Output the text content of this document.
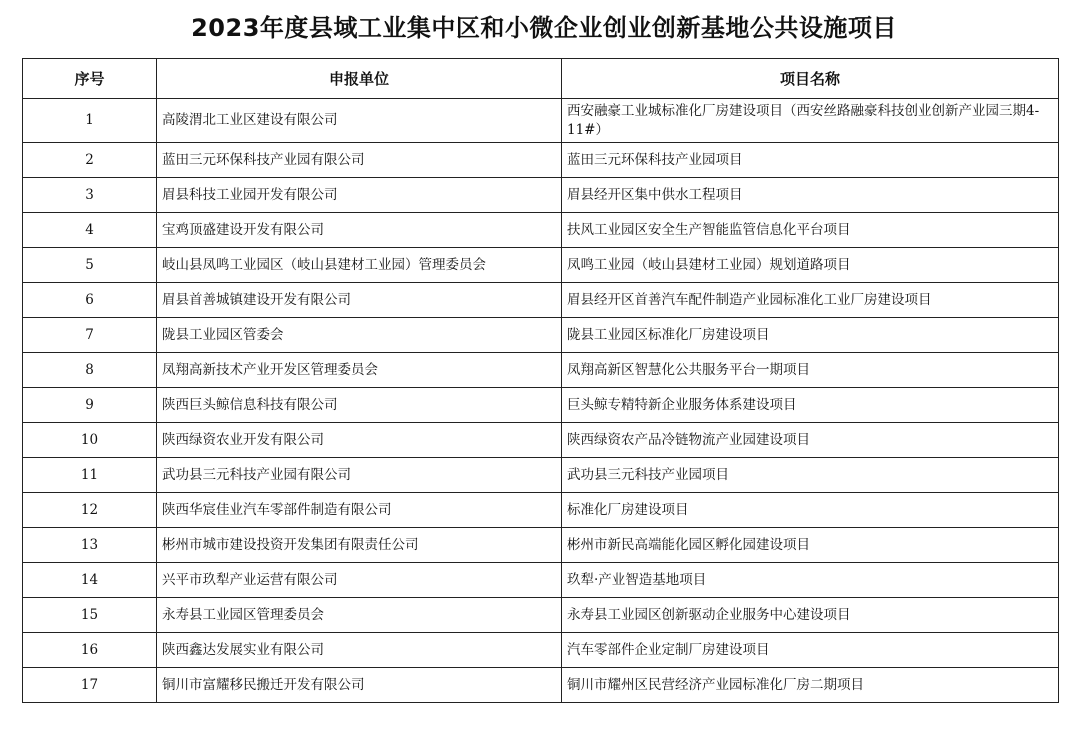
2023年度县域工业集中区和小微企业创业创新基地公共设施项目
序号	申报单位	项目名称
1	高陵渭北工业区建设有限公司	西安融豪工业城标准化厂房建设项目（西安丝路融豪科技创业创新产业园三期4-11#）
2	蓝田三元环保科技产业园有限公司	蓝田三元环保科技产业园项目
3	眉县科技工业园开发有限公司	眉县经开区集中供水工程项目
4	宝鸡顶盛建设开发有限公司	扶风工业园区安全生产智能监管信息化平台项目
5	岐山县凤鸣工业园区（岐山县建材工业园）管理委员会	凤鸣工业园（岐山县建材工业园）规划道路项目
6	眉县首善城镇建设开发有限公司	眉县经开区首善汽车配件制造产业园标准化工业厂房建设项目
7	陇县工业园区管委会	陇县工业园区标准化厂房建设项目
8	凤翔高新技术产业开发区管理委员会	凤翔高新区智慧化公共服务平台一期项目
9	陕西巨头鲸信息科技有限公司	巨头鲸专精特新企业服务体系建设项目
10	陕西绿资农业开发有限公司	陕西绿资农产品冷链物流产业园建设项目
11	武功县三元科技产业园有限公司	武功县三元科技产业园项目
12	陕西华宸佳业汽车零部件制造有限公司	标准化厂房建设项目
13	彬州市城市建设投资开发集团有限责任公司	彬州市新民高端能化园区孵化园建设项目
14	兴平市玖犁产业运营有限公司	玖犁·产业智造基地项目
15	永寿县工业园区管理委员会	永寿县工业园区创新驱动企业服务中心建设项目
16	陕西鑫达发展实业有限公司	汽车零部件企业定制厂房建设项目
17	铜川市富耀移民搬迁开发有限公司	铜川市耀州区民营经济产业园标准化厂房二期项目
